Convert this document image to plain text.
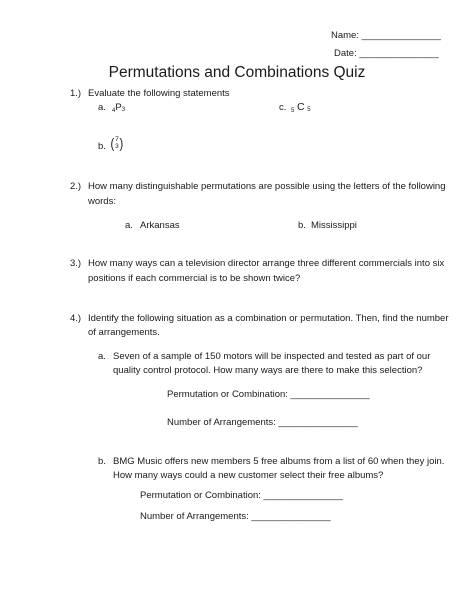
Name: _______________
Date: _______________
Permutations and Combinations Quiz
1.) Evaluate the following statements
a. $_4$P3	c. $_5$ C 5
b. ( 7
3 )
2.) How many distinguishable permutations are possible using the letters of the following
words:
a. Arkansas	b. Mississippi
3.) How many ways can a television director arrange three different commercials into six
positions if each commercial is to be shown twice?
4.) Identify the following situation as a combination or permutation. Then, find the number
of arrangements.
a. Seven of a sample of 150 motors will be inspected and tested as part of our
quality control protocol. How many ways are there to make this selection?
Permutation or Combination: _______________
Number of Arrangements: _______________
b. BMG Music offers new members 5 free albums from a list of 60 when they join.
How many ways could a new customer select their free albums?
Permutation or Combination: _______________
Number of Arrangements: _______________
